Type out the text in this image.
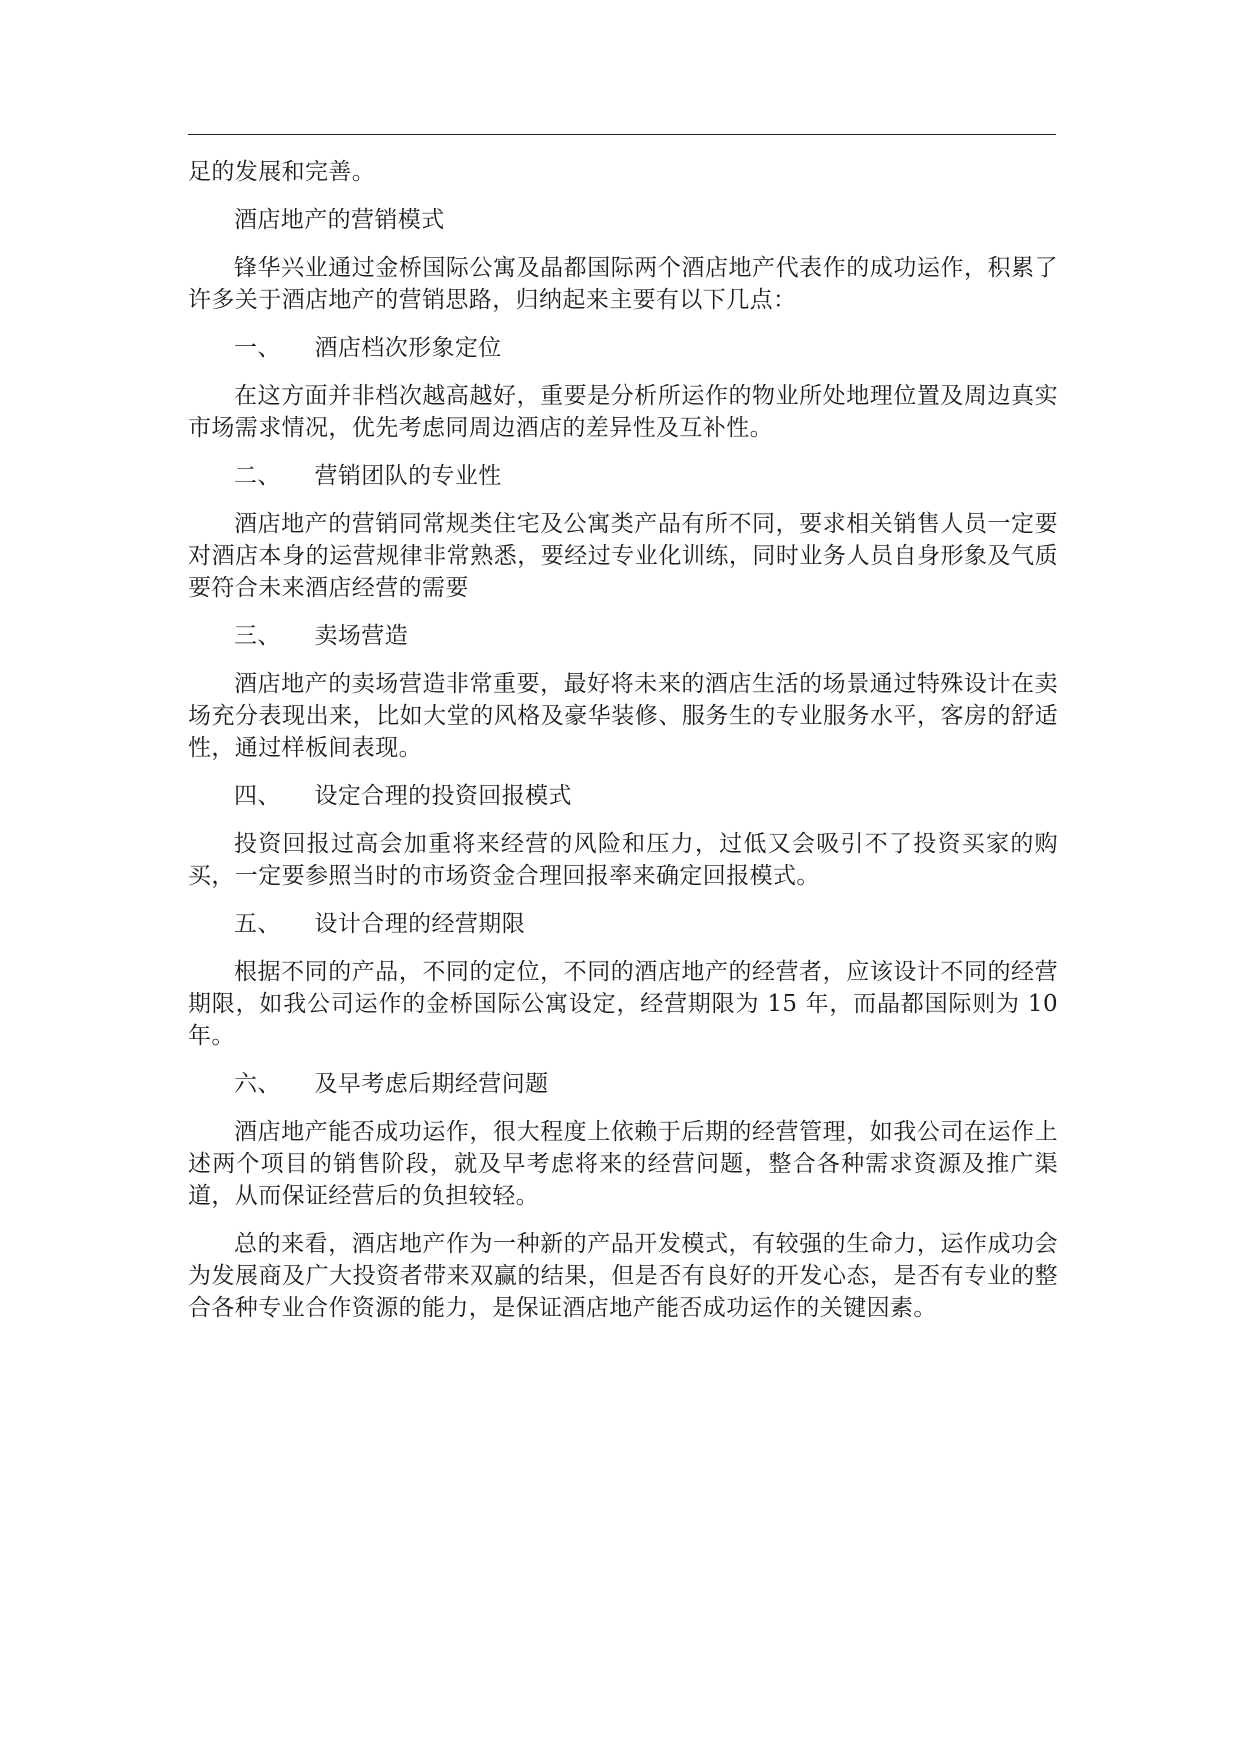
足的发展和完善。

酒店地产的营销模式

锋华兴业通过金桥国际公寓及晶都国际两个酒店地产代表作的成功运作，积累了许多关于酒店地产的营销思路，归纳起来主要有以下几点：

一、 酒店档次形象定位

在这方面并非档次越高越好，重要是分析所运作的物业所处地理位置及周边真实市场需求情况，优先考虑同周边酒店的差异性及互补性。

二、 营销团队的专业性

酒店地产的营销同常规类住宅及公寓类产品有所不同，要求相关销售人员一定要对酒店本身的运营规律非常熟悉，要经过专业化训练，同时业务人员自身形象及气质要符合未来酒店经营的需要

三、 卖场营造

酒店地产的卖场营造非常重要，最好将未来的酒店生活的场景通过特殊设计在卖场充分表现出来，比如大堂的风格及豪华装修、服务生的专业服务水平，客房的舒适性，通过样板间表现。

四、 设定合理的投资回报模式

投资回报过高会加重将来经营的风险和压力，过低又会吸引不了投资买家的购买，一定要参照当时的市场资金合理回报率来确定回报模式。

五、 设计合理的经营期限

根据不同的产品，不同的定位，不同的酒店地产的经营者，应该设计不同的经营期限，如我公司运作的金桥国际公寓设定，经营期限为 15 年，而晶都国际则为 10 年。

六、 及早考虑后期经营问题

酒店地产能否成功运作，很大程度上依赖于后期的经营管理，如我公司在运作上述两个项目的销售阶段，就及早考虑将来的经营问题，整合各种需求资源及推广渠道，从而保证经营后的负担较轻。

总的来看，酒店地产作为一种新的产品开发模式，有较强的生命力，运作成功会为发展商及广大投资者带来双赢的结果，但是否有良好的开发心态，是否有专业的整合各种专业合作资源的能力，是保证酒店地产能否成功运作的关键因素。
